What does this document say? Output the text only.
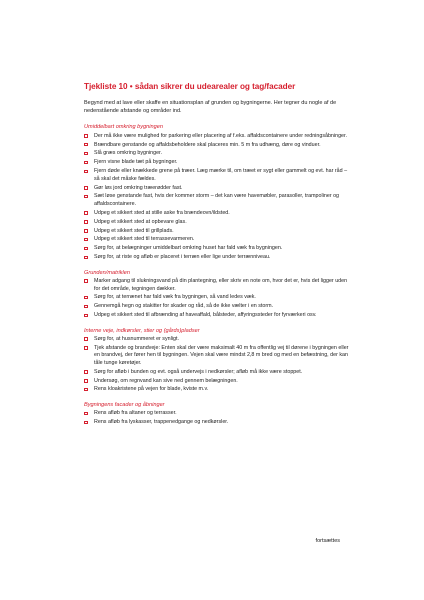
Tjekliste 10 • sådan sikrer du udearealer og tag/facader

Begynd med at lave eller skaffe en situationsplan af grunden og bygningerne. Her tegner du nogle af de nedenstående afstande og områder ind.

Umiddelbart omkring bygningen
Der må ikke være mulighed for parkering eller placering af f.eks. affaldscontainere under redningsåbninger.
Brændbare genstande og affaldsbeholdere skal placeres min. 5 m fra udhæng, døre og vinduer.
Slå græs omkring bygninger.
Fjern visne blade tæt på bygninger.
Fjern døde eller knækkede grene på træer. Læg mærke til, om træet er sygt eller gammelt og evt. har råd – så skal det måske fældes.
Gør løs jord omkring træerødder fast.
Sæt løse genstande fast, hvis der kommer storm – det kan være havemøbler, parasoller, trampoliner og affaldscontainere.
Udpeg et sikkert sted at stille aske fra brændeovn/ildsted.
Udpeg et sikkert sted at opbevare glas.
Udpeg et sikkert sted til grillplads.
Udpeg et sikkert sted til terrassevarmeren.
Sørg for, at belægninger umiddelbart omkring huset har fald væk fra bygningen.
Sørg for, at riste og afløb er placeret i terræn eller lige under terrænniveau.
Grunden/matriklen
Marker adgang til slukningsvand på din plantegning, eller skriv en note om, hvor det er, hvis det ligger uden for det område, tegningen dækker.
Sørg for, at terrænet har fald væk fra bygningen, så vand ledes væk.
Gennemgå hegn og stakitter for skader og råd, så de ikke vælter i en storm.
Udpeg et sikkert sted til afbrænding af haveaffald, bålsteder, affyringssteder for fyrværkeri osv.
Interne veje, indkørsler, stier og (gårds)pladser
Sørg for, at husnummeret er synligt.
Tjek afstande og brandveje: Enten skal der være maksimalt 40 m fra offentlig vej til dørene i bygningen eller en brandvej, der fører hen til bygningen. Vejen skal være mindst 2,8 m bred og med en befæstning, der kan tåle tunge køretøjer.
Sørg for afløb i bunden og evt. også undervejs i nedkørsler; afløb må ikke være stoppet.
Undersøg, om regnvand kan sive ned gennem belægningen.
Rens kloakristene på vejen for blade, kviste m.v.
Bygningens facader og åbninger
Rens afløb fra altaner og terrasser.
Rens afløb fra lyskasser, trappenedgange og nedkørsler.
fortsættes
